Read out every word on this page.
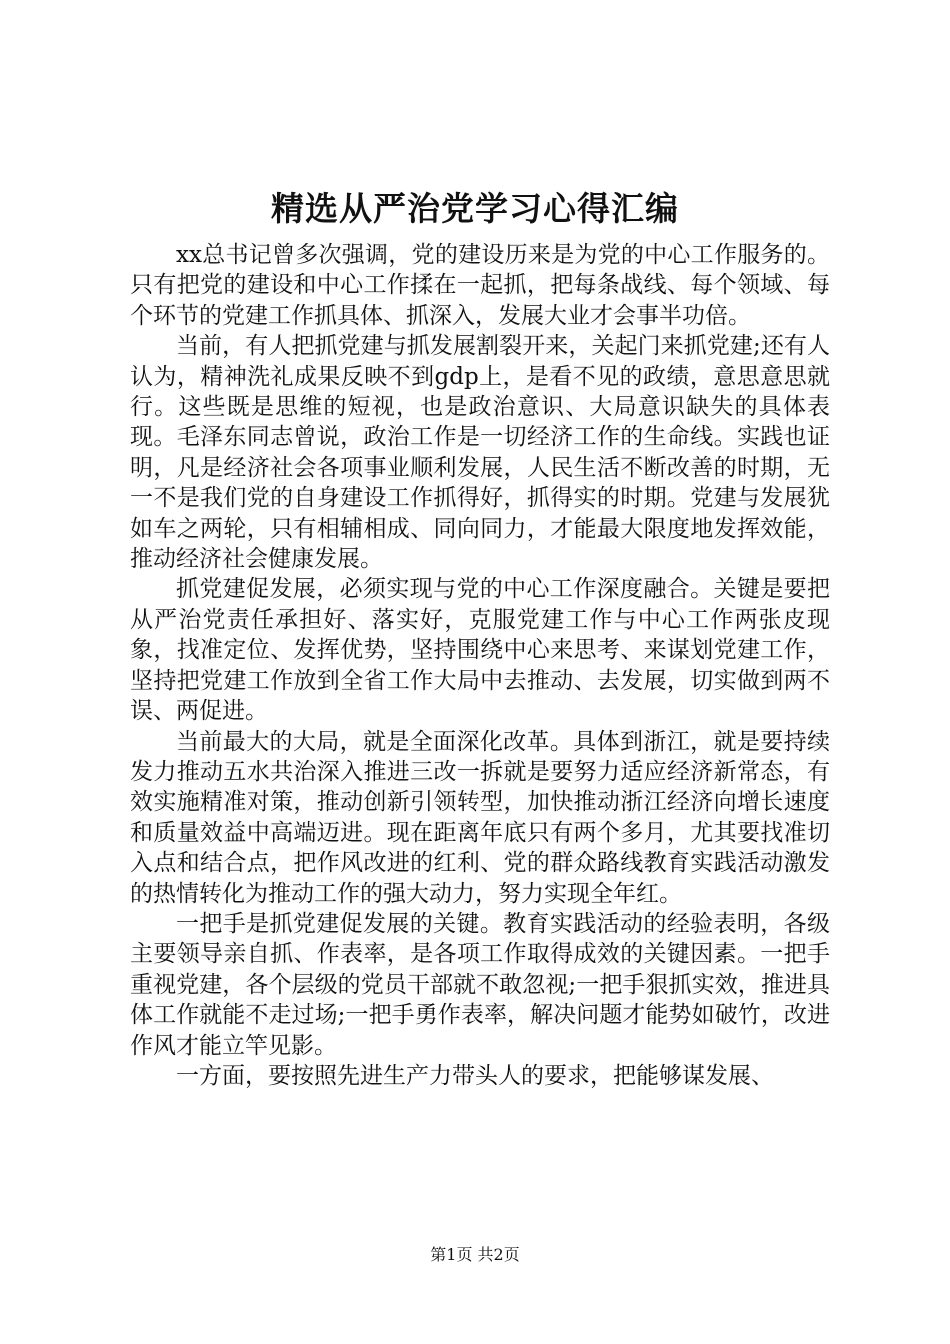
精选从严治党学习心得汇编

xx总书记曾多次强调，党的建设历来是为党的中心工作服务的。只有把党的建设和中心工作揉在一起抓，把每条战线、每个领域、每个环节的党建工作抓具体、抓深入，发展大业才会事半功倍。

当前，有人把抓党建与抓发展割裂开来，关起门来抓党建;还有人认为，精神洗礼成果反映不到gdp上，是看不见的政绩，意思意思就行。这些既是思维的短视，也是政治意识、大局意识缺失的具体表现。毛泽东同志曾说，政治工作是一切经济工作的生命线。实践也证明，凡是经济社会各项事业顺利发展，人民生活不断改善的时期，无一不是我们党的自身建设工作抓得好，抓得实的时期。党建与发展犹如车之两轮，只有相辅相成、同向同力，才能最大限度地发挥效能，推动经济社会健康发展。

抓党建促发展，必须实现与党的中心工作深度融合。关键是要把从严治党责任承担好、落实好，克服党建工作与中心工作两张皮现象，找准定位、发挥优势，坚持围绕中心来思考、来谋划党建工作，坚持把党建工作放到全省工作大局中去推动、去发展，切实做到两不误、两促进。

当前最大的大局，就是全面深化改革。具体到浙江，就是要持续发力推动五水共治深入推进三改一拆就是要努力适应经济新常态，有效实施精准对策，推动创新引领转型，加快推动浙江经济向增长速度和质量效益中高端迈进。现在距离年底只有两个多月，尤其要找准切入点和结合点，把作风改进的红利、党的群众路线教育实践活动激发的热情转化为推动工作的强大动力，努力实现全年红。

一把手是抓党建促发展的关键。教育实践活动的经验表明，各级主要领导亲自抓、作表率，是各项工作取得成效的关键因素。一把手重视党建，各个层级的党员干部就不敢忽视;一把手狠抓实效，推进具体工作就能不走过场;一把手勇作表率，解决问题才能势如破竹，改进作风才能立竿见影。

一方面，要按照先进生产力带头人的要求，把能够谋发展、

第1页 共2页
